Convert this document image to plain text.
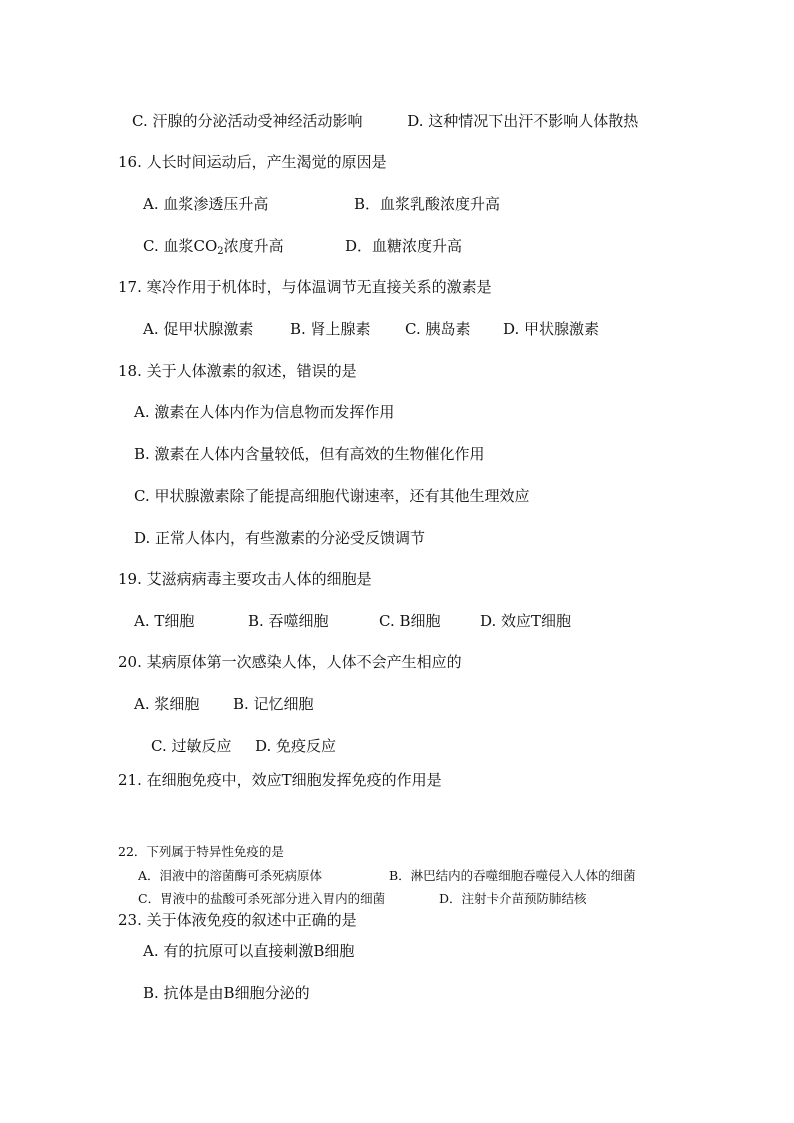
C. 汗腺的分泌活动受神经活动影响	D. 这种情况下出汗不影响人体散热
16. 人长时间运动后，产生渴觉的原因是
A. 血浆渗透压升高	B．血浆乳酸浓度升高
C. 血浆$CO_2$浓度升高	D．血糖浓度升高
17. 寒冷作用于机体时，与体温调节无直接关系的激素是
A. 促甲状腺激素 B. 肾上腺素 C. 胰岛素 D. 甲状腺激素
18. 关于人体激素的叙述，错误的是
A. 激素在人体内作为信息物而发挥作用
B. 激素在人体内含量较低，但有高效的生物催化作用
C. 甲状腺激素除了能提高细胞代谢速率，还有其他生理效应
D. 正常人体内，有些激素的分泌受反馈调节
19. 艾滋病病毒主要攻击人体的细胞是
A. T细胞	B. 吞噬细胞	C. B细胞	D. 效应T细胞
20. 某病原体第一次感染人体，人体不会产生相应的
A. 浆细胞 B. 记忆细胞
C. 过敏反应 D. 免疫反应
21. 在细胞免疫中，效应T细胞发挥免疫的作用是
22．下列属于特异性免疫的是
A．泪液中的溶菌酶可杀死病原体	B．淋巴结内的吞噬细胞吞噬侵入人体的细菌
C．胃液中的盐酸可杀死部分进入胃内的细菌	D．注射卡介苗预防肺结核
23. 关于体液免疫的叙述中正确的是
A. 有的抗原可以直接刺激B细胞
B. 抗体是由B细胞分泌的
